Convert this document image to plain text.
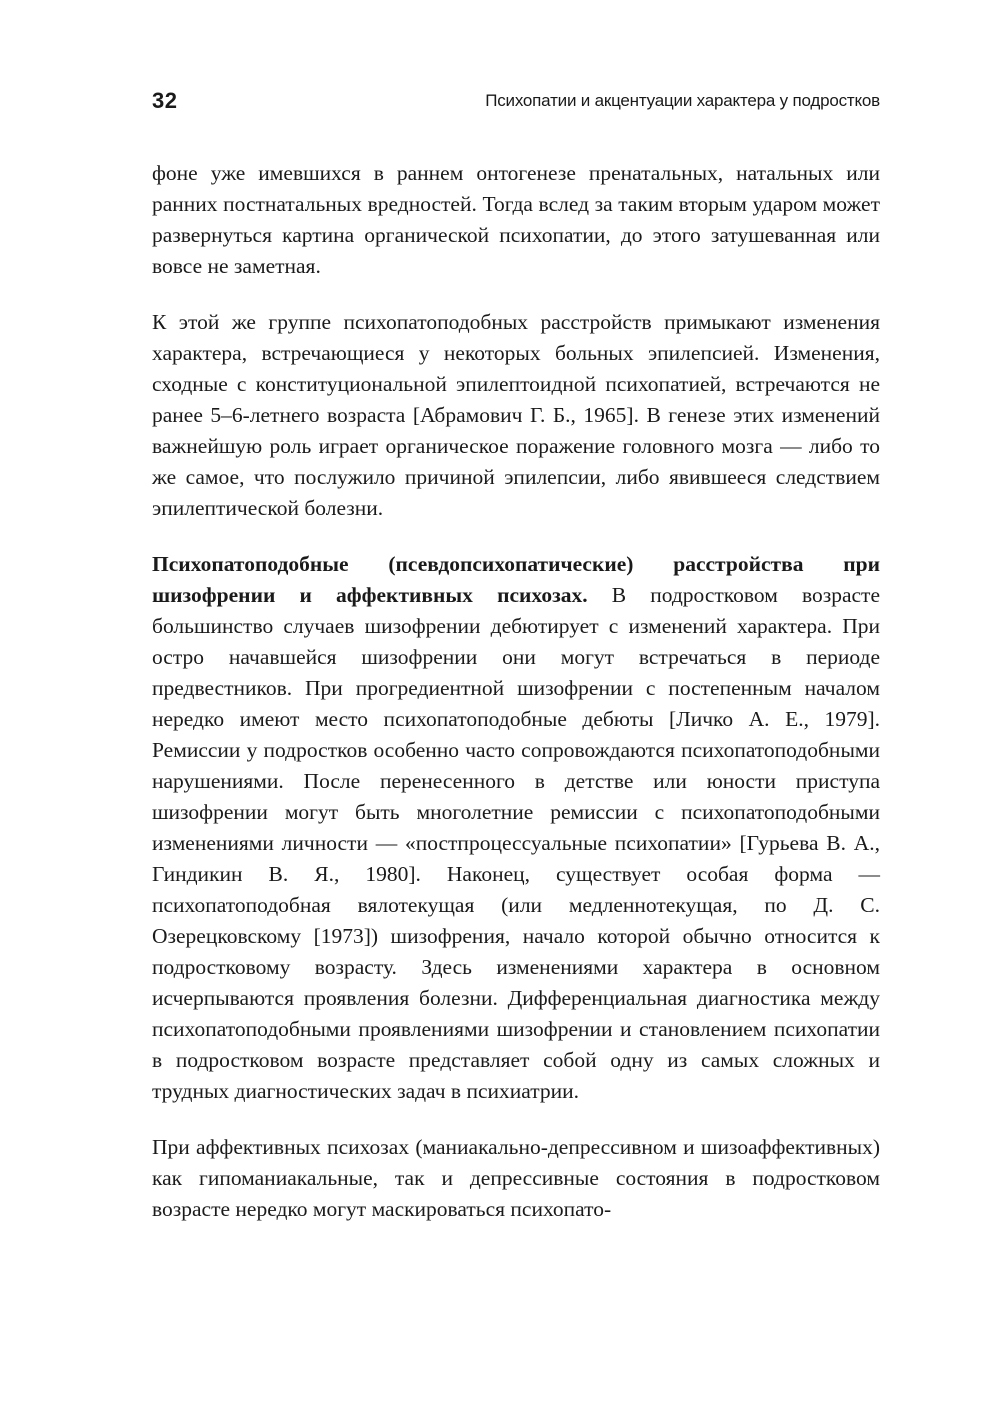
32	Психопатии и акцентуации характера у подростков

фоне уже имевшихся в раннем онтогенезе пренатальных, натальных или ранних постнатальных вредностей. Тогда вслед за таким вторым ударом может развернуться картина органической психопатии, до этого затушеванная или вовсе не заметная.

К этой же группе психопатоподобных расстройств примыкают изменения характера, встречающиеся у некоторых больных эпилепсией. Изменения, сходные с конституциональной эпилептоидной психопатией, встречаются не ранее 5–6-летнего возраста [Абрамович Г. Б., 1965]. В генезе этих изменений важнейшую роль играет органическое поражение головного мозга — либо то же самое, что послужило причиной эпилепсии, либо явившееся следствием эпилептической болезни.

Психопатоподобные (псевдопсихопатические) расстройства при шизофрении и аффективных психозах. В подростковом возрасте большинство случаев шизофрении дебютирует с изменений характера. При остро начавшейся шизофрении они могут встречаться в периоде предвестников. При прогредиентной шизофрении с постепенным началом нередко имеют место психопатоподобные дебюты [Личко А. Е., 1979]. Ремиссии у подростков особенно часто сопровождаются психопатоподобными нарушениями. После перенесенного в детстве или юности приступа шизофрении могут быть многолетние ремиссии с психопатоподобными изменениями личности — «постпроцессуальные психопатии» [Гурьева В. А., Гиндикин В. Я., 1980]. Наконец, существует особая форма — психопатоподобная вялотекущая (или медленнотекущая, по Д. С. Озерецковскому [1973]) шизофрения, начало которой обычно относится к подростковому возрасту. Здесь изменениями характера в основном исчерпываются проявления болезни. Дифференциальная диагностика между психопатоподобными проявлениями шизофрении и становлением психопатии в подростковом возрасте представляет собой одну из самых сложных и трудных диагностических задач в психиатрии.

При аффективных психозах (маниакально-депрессивном и шизоаффективных) как гипоманиакальные, так и депрессивные состояния в подростковом возрасте нередко могут маскироваться психопато-
